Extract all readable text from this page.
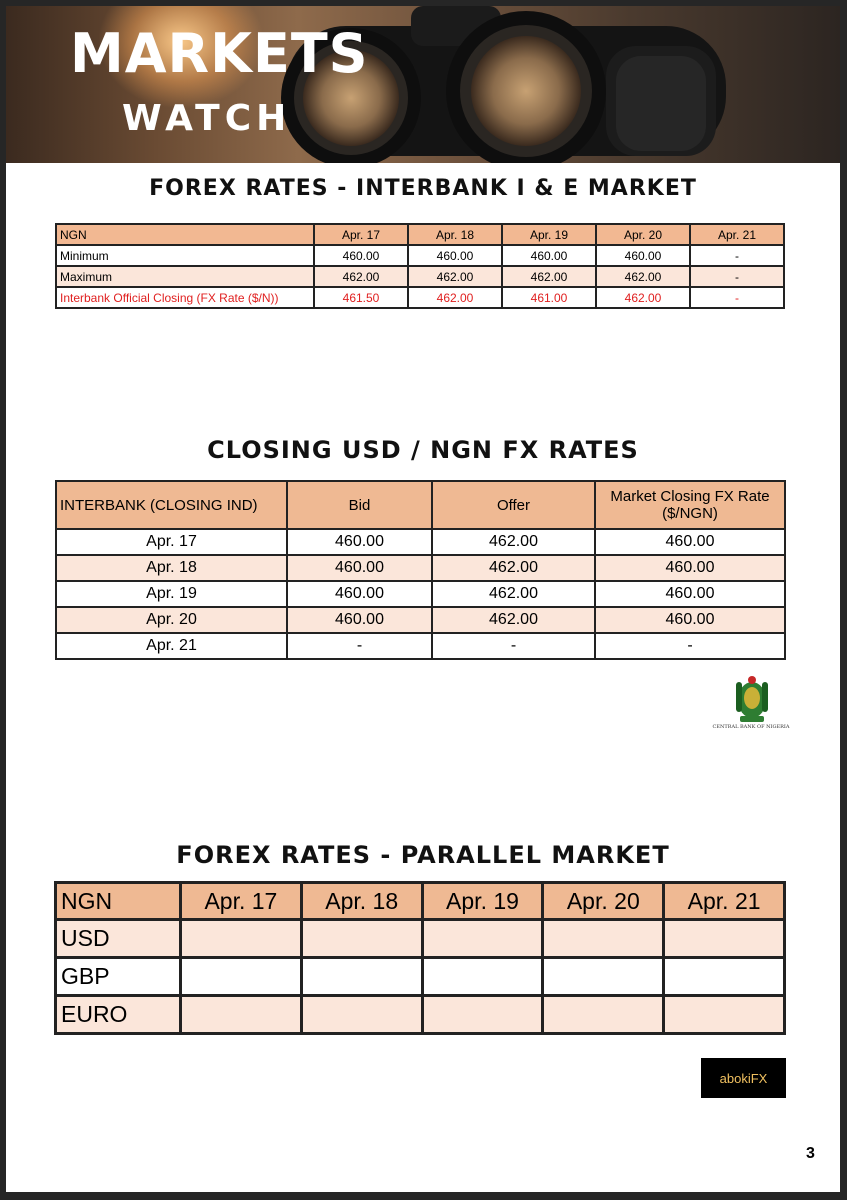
MARKETS
WATCH
FOREX RATES - INTERBANK I & E MARKET
NGN	Apr. 17	Apr. 18	Apr. 19	Apr. 20	Apr. 21
Minimum	460.00	460.00	460.00	460.00	-
Maximum	462.00	462.00	462.00	462.00	-
Interbank Official Closing (FX Rate ($/N))	461.50	462.00	461.00	462.00	-
CLOSING USD / NGN FX RATES
INTERBANK (CLOSING IND)	Bid	Offer	Market Closing FX Rate
($/NGN)

Apr. 17	460.00	462.00	460.00
Apr. 18	460.00	462.00	460.00
Apr. 19	460.00	462.00	460.00
Apr. 20	460.00	462.00	460.00
Apr. 21	-	-	-
CENTRAL BANK OF NIGERIA
FOREX RATES - PARALLEL MARKET
NGN	Apr. 17	Apr. 18	Apr. 19	Apr. 20	Apr. 21
USD					
GBP					
EURO					
abokiFX
3
